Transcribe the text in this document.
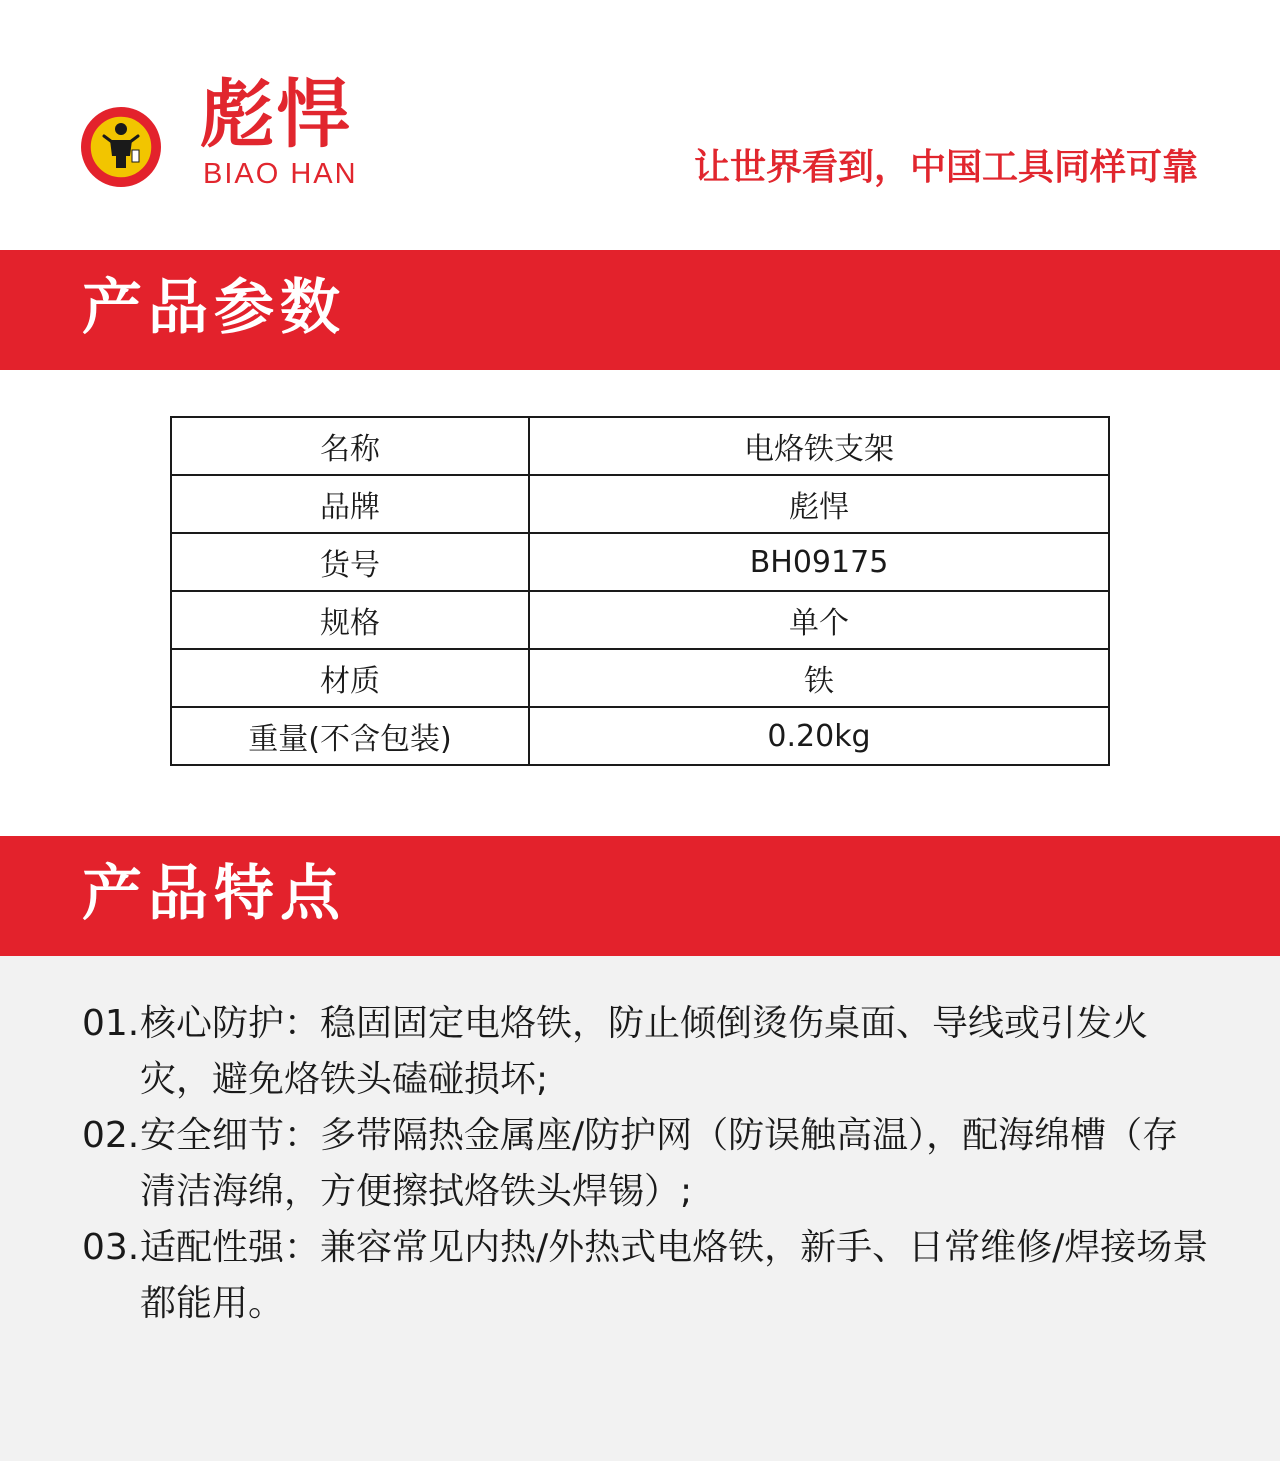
彪悍
BIAO HAN	让世界看到，中国工具同样可靠
产品参数
名称	电烙铁支架
品牌	彪悍
货号	BH09175
规格	单个
材质	铁
重量(不含包装)	0.20kg
产品特点
01. 核心防护：稳固固定电烙铁，防止倾倒烫伤桌面、导线或引发火灾，避免烙铁头磕碰损坏;
02. 安全细节：多带隔热金属座/防护网（防误触高温），配海绵槽（存清洁海绵，方便擦拭烙铁头焊锡）;
03. 适配性强：兼容常见内热/外热式电烙铁，新手、日常维修/焊接场景都能用。
